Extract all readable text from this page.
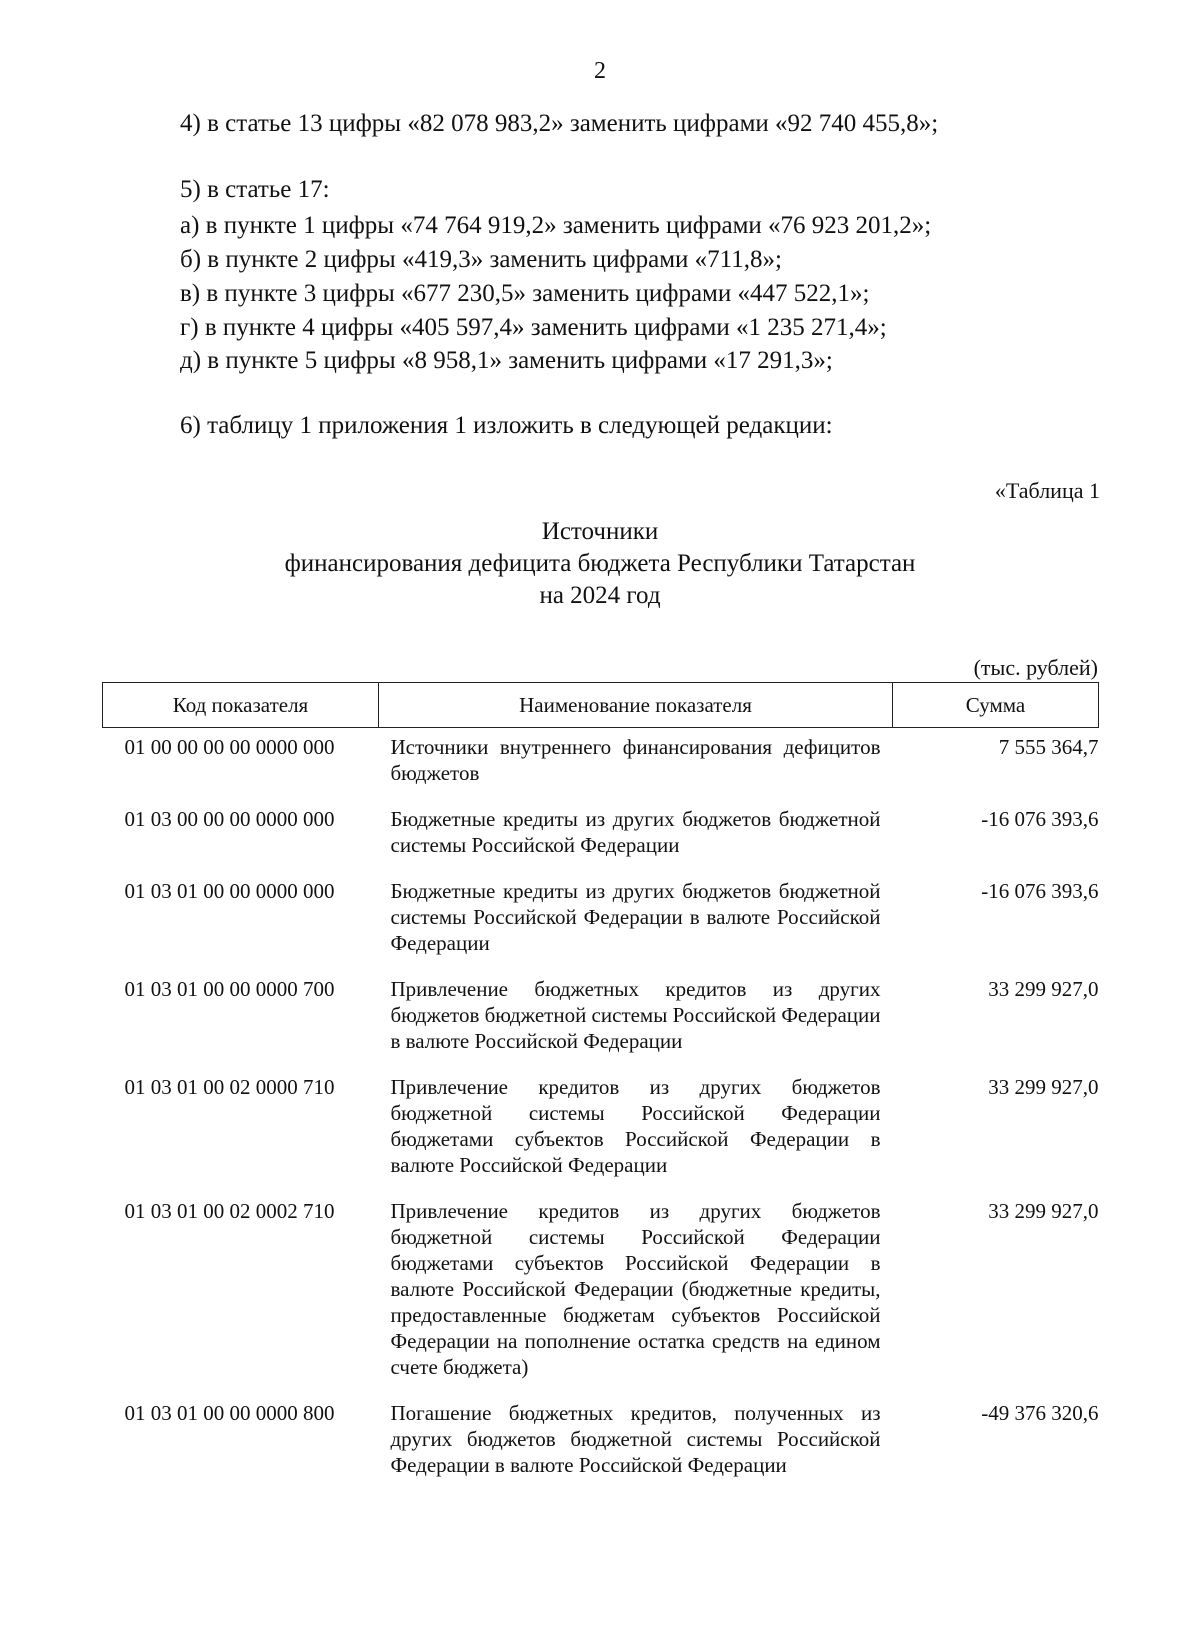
2
4) в статье 13 цифры «82 078 983,2» заменить цифрами «92 740 455,8»;
5) в статье 17:
а) в пункте 1 цифры «74 764 919,2» заменить цифрами «76 923 201,2»;
б) в пункте 2 цифры «419,3» заменить цифрами «711,8»;
в) в пункте 3 цифры «677 230,5» заменить цифрами «447 522,1»;
г) в пункте 4 цифры «405 597,4» заменить цифрами «1 235 271,4»;
д) в пункте 5 цифры «8 958,1» заменить цифрами «17 291,3»;
6) таблицу 1 приложения 1 изложить в следующей редакции:
«Таблица 1
Источники
финансирования дефицита бюджета Республики Татарстан
на 2024 год
(тыс. рублей)
Код показателя	Наименование показателя	Сумма
01 00 00 00 00 0000 000	Источники внутреннего финансирования дефицитов бюджетов	7 555 364,7
01 03 00 00 00 0000 000	Бюджетные кредиты из других бюджетов бюджетной системы Российской Федерации	-16 076 393,6
01 03 01 00 00 0000 000	Бюджетные кредиты из других бюджетов бюджетной системы Российской Федерации в валюте Российской Федерации	-16 076 393,6
01 03 01 00 00 0000 700	Привлечение бюджетных кредитов из других бюджетов бюджетной системы Российской Федерации в валюте Российской Федерации	33 299 927,0
01 03 01 00 02 0000 710	Привлечение кредитов из других бюджетов бюджетной системы Российской Федерации бюджетами субъектов Российской Федерации в валюте Российской Федерации	33 299 927,0
01 03 01 00 02 0002 710	Привлечение кредитов из других бюджетов бюджетной системы Российской Федерации бюджетами субъектов Российской Федерации в валюте Российской Федерации (бюджетные кредиты, предоставленные бюджетам субъектов Российской Федерации на пополнение остатка средств на едином счете бюджета)	33 299 927,0
01 03 01 00 00 0000 800	Погашение бюджетных кредитов, полученных из других бюджетов бюджетной системы Российской Федерации в валюте Российской Федерации	-49 376 320,6
